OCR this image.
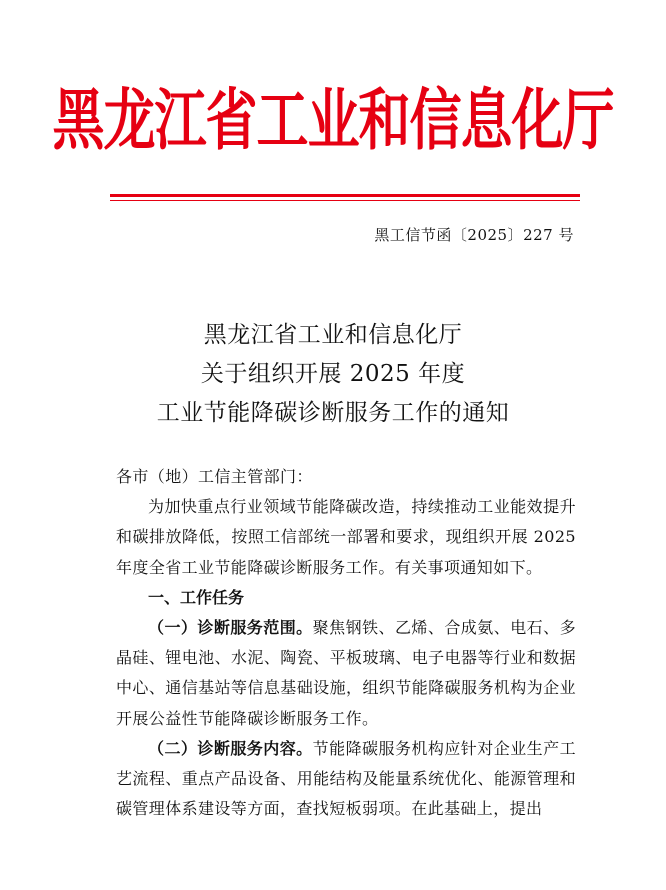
黑龙江省工业和信息化厅
黑工信节函〔2025〕227 号
黑龙江省工业和信息化厅
关于组织开展 2025 年度
工业节能降碳诊断服务工作的通知

各市（地）工信主管部门：

为加快重点行业领域节能降碳改造，持续推动工业能效提升和碳排放降低，按照工信部统一部署和要求，现组织开展 2025 年度全省工业节能降碳诊断服务工作。有关事项通知如下。

一、工作任务

（一）诊断服务范围。聚焦钢铁、乙烯、合成氨、电石、多晶硅、锂电池、水泥、陶瓷、平板玻璃、电子电器等行业和数据中心、通信基站等信息基础设施，组织节能降碳服务机构为企业开展公益性节能降碳诊断服务工作。

（二）诊断服务内容。节能降碳服务机构应针对企业生产工艺流程、重点产品设备、用能结构及能量系统优化、能源管理和碳管理体系建设等方面，查找短板弱项。在此基础上，提出
